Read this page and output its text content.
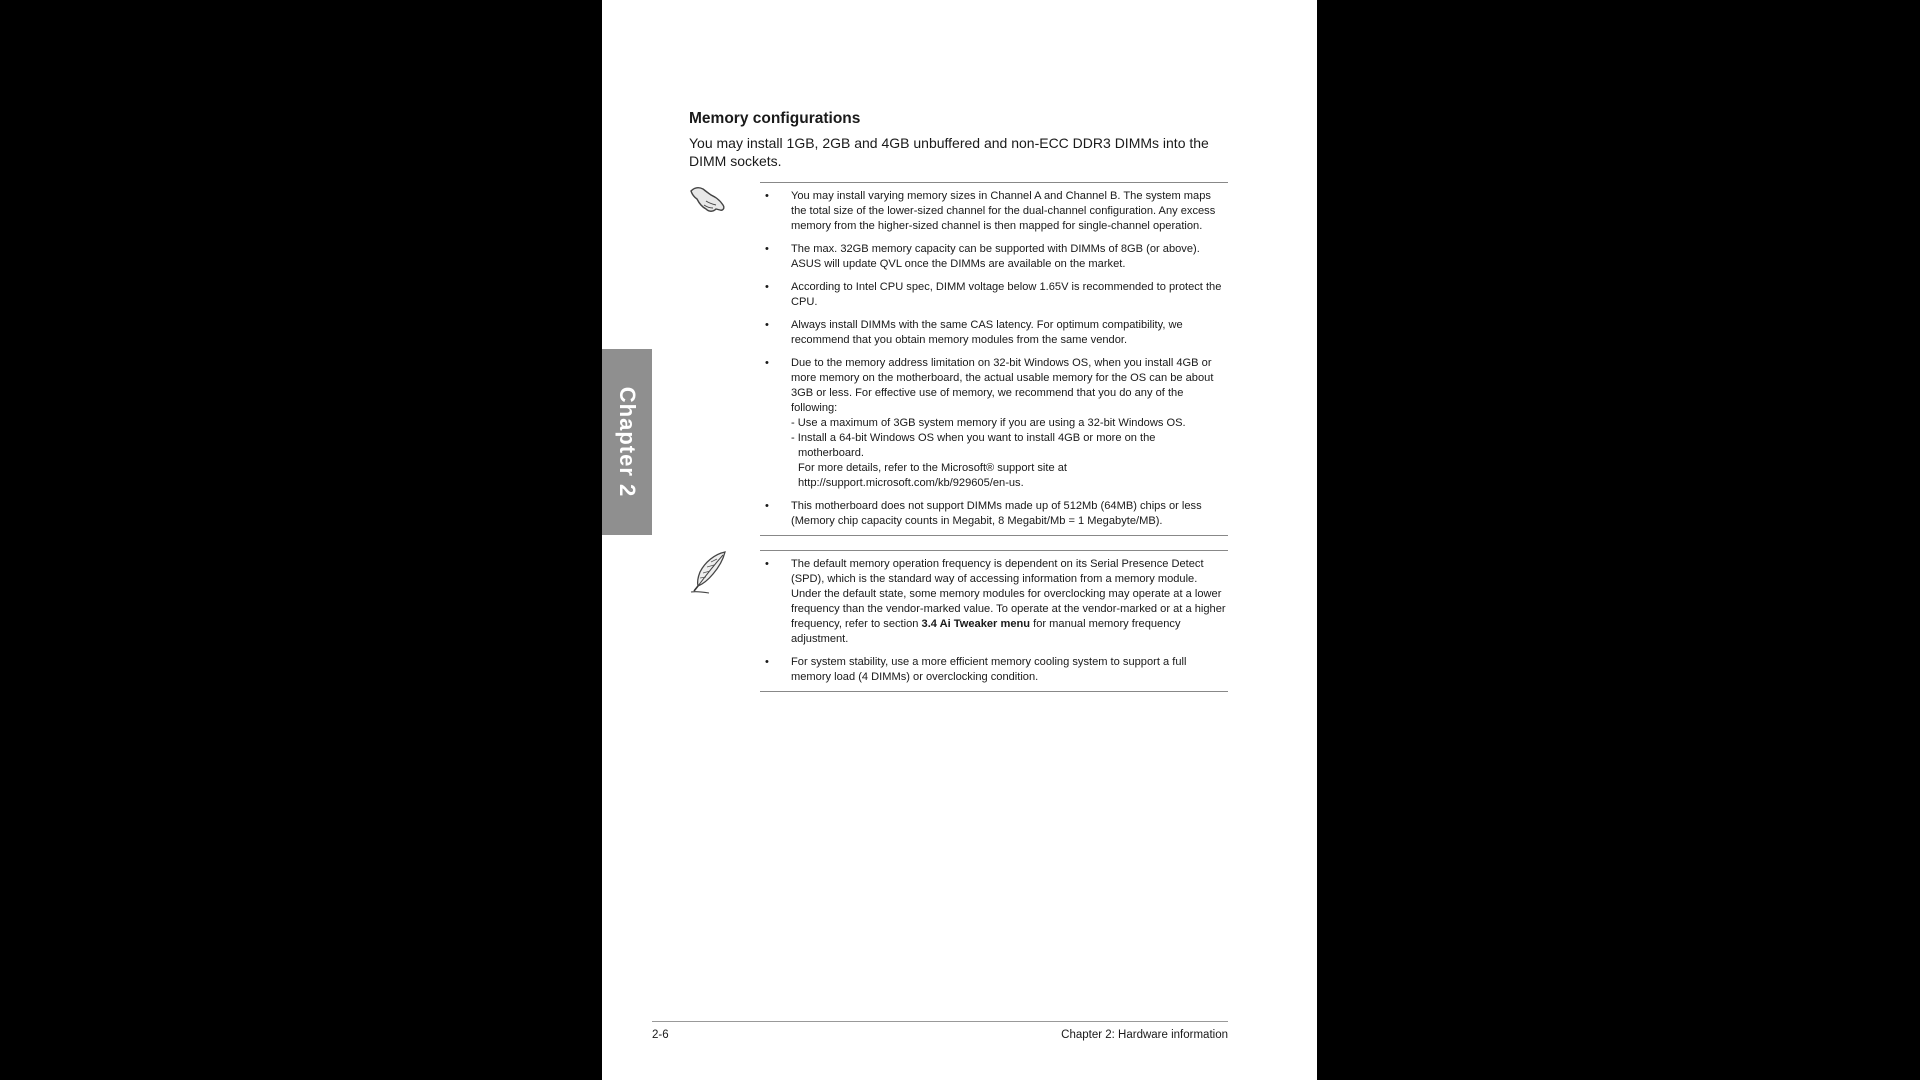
Chapter 2
Memory configurations

You may install 1GB, 2GB and 4GB unbuffered and non-ECC DDR3 DIMMs into the DIMM sockets.

• You may install varying memory sizes in Channel A and Channel B. The system maps the total size of the lower-sized channel for the dual-channel configuration. Any excess memory from the higher-sized channel is then mapped for single-channel operation.
• The max. 32GB memory capacity can be supported with DIMMs of 8GB (or above). ASUS will update QVL once the DIMMs are available on the market.
• According to Intel CPU spec, DIMM voltage below 1.65V is recommended to protect the CPU.
• Always install DIMMs with the same CAS latency. For optimum compatibility, we recommend that you obtain memory modules from the same vendor.
• Due to the memory address limitation on 32-bit Windows OS, when you install 4GB or more memory on the motherboard, the actual usable memory for the OS can be about 3GB or less. For effective use of memory, we recommend that you do any of the following:
- Use a maximum of 3GB system memory if you are using a 32-bit Windows OS.
- Install a 64-bit Windows OS when you want to install 4GB or more on the
motherboard.
For more details, refer to the Microsoft® support site at
http://support.microsoft.com/kb/929605/en-us.
• This motherboard does not support DIMMs made up of 512Mb (64MB) chips or less (Memory chip capacity counts in Megabit, 8 Megabit/Mb = 1 Megabyte/MB).
• The default memory operation frequency is dependent on its Serial Presence Detect (SPD), which is the standard way of accessing information from a memory module. Under the default state, some memory modules for overclocking may operate at a lower frequency than the vendor-marked value. To operate at the vendor-marked or at a higher frequency, refer to section 3.4 Ai Tweaker menu for manual memory frequency adjustment.
• For system stability, use a more efficient memory cooling system to support a full memory load (4 DIMMs) or overclocking condition.
2-6	Chapter 2: Hardware information
